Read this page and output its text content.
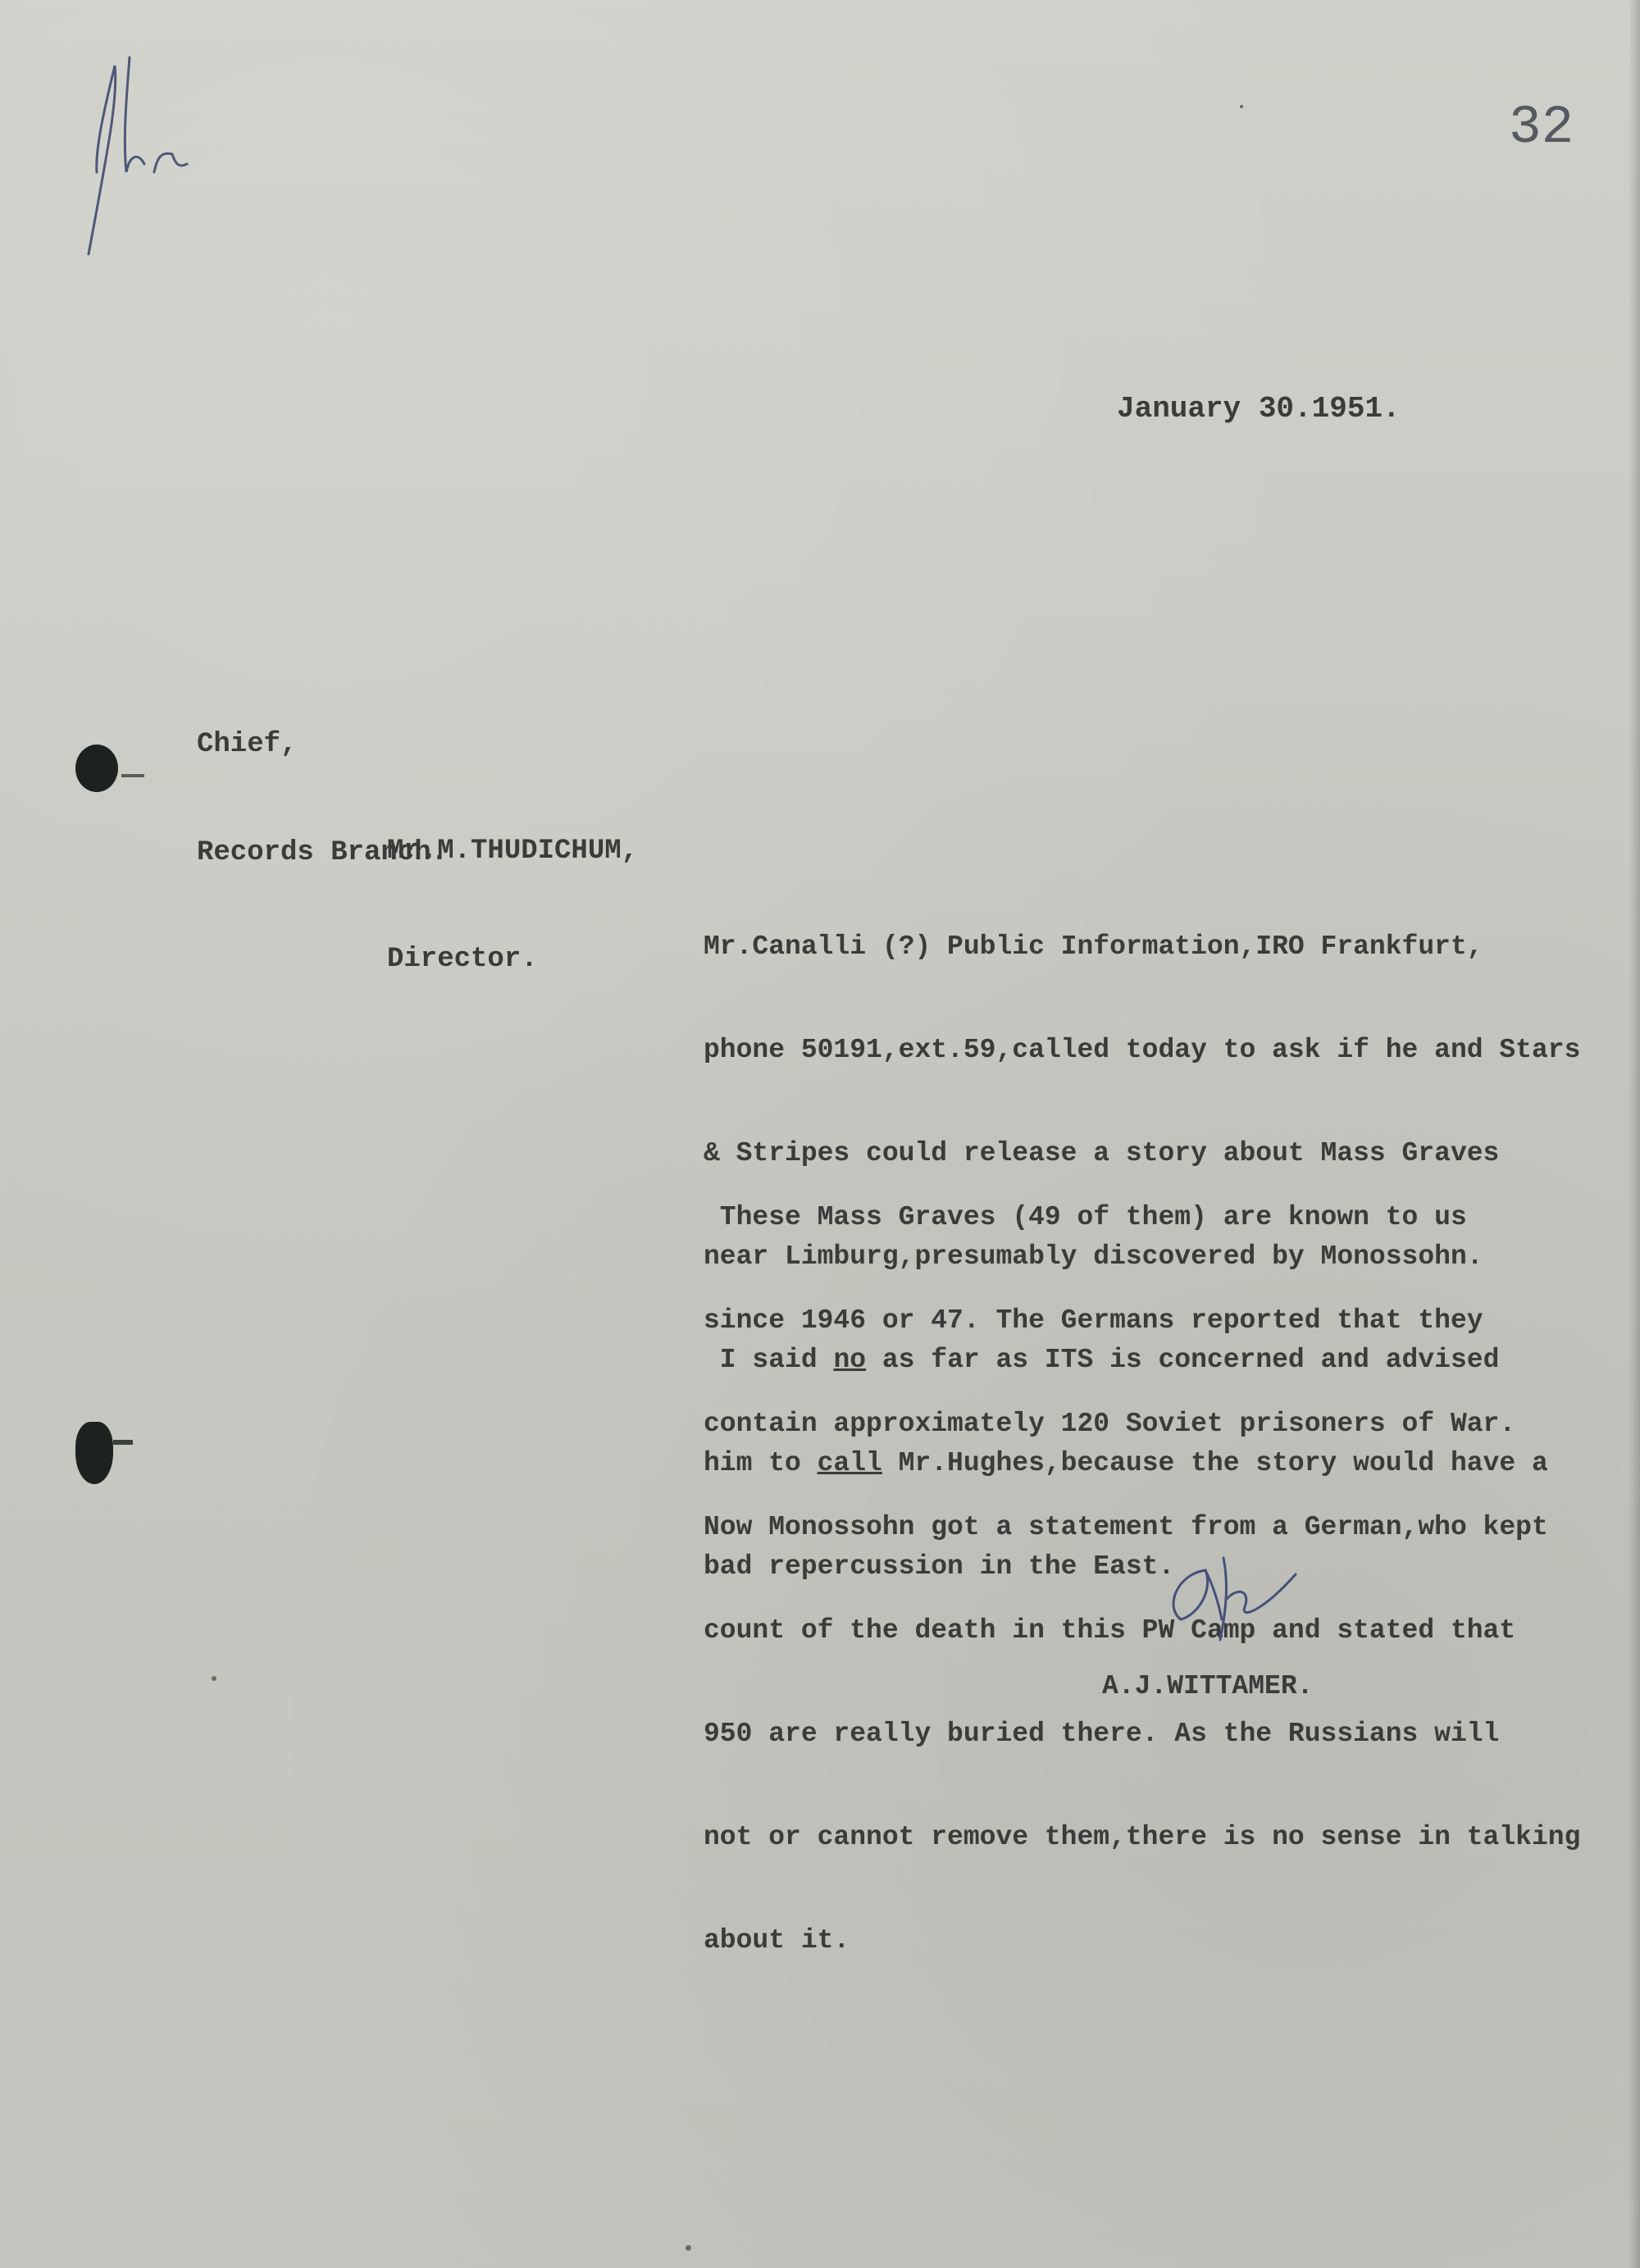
32
January 30.1951.

Chief,

Records Branch.

Mr.M.THUDICHUM,

Director.

	Mr.Canalli (?) Public Information,IRO Frankfurt,

phone 50191,ext.59,called today to ask if he and Stars

& Stripes could release a story about Mass Graves

near Limburg,presumably discovered by Monossohn.

I said no as far as ITS is concerned and advised

him to call Mr.Hughes,because the story would have a

bad repercussion in the East.

These Mass Graves (49 of them) are known to us

since 1946 or 47. The Germans reported that they

contain approximately 120 Soviet prisoners of War.

Now Monossohn got a statement from a German,who kept

count of the death in this PW Camp and stated that

950 are really buried there. As the Russians will

not or cannot remove them,there is no sense in talking

about it.

A.J.WITTAMER.
